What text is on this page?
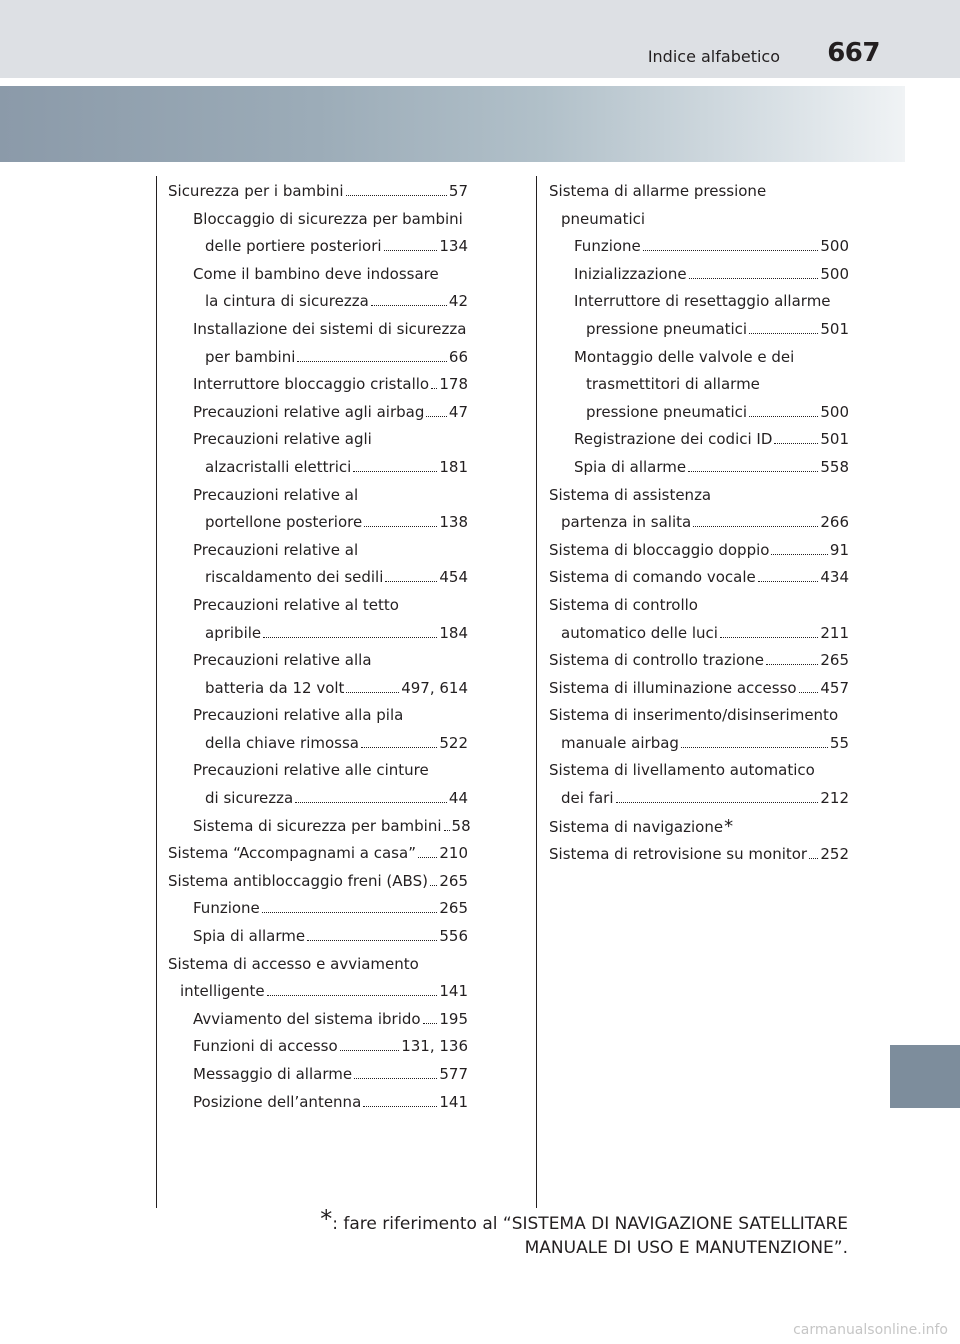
Indice alfabetico 667
Sicurezza per i bambini	57
Bloccaggio di sicurezza per bambini
delle portiere posteriori	134
Come il bambino deve indossare
la cintura di sicurezza	42
Installazione dei sistemi di sicurezza
per bambini	66
Interruttore bloccaggio cristallo 178
Precauzioni relative agli airbag 47
Precauzioni relative agli
alzacristalli elettrici	181
Precauzioni relative al
portellone posteriore	138
Precauzioni relative al
riscaldamento dei sedili	454
Precauzioni relative al tetto
apribile	184
Precauzioni relative alla
batteria da 12 volt	497, 614
Precauzioni relative alla pila
della chiave rimossa	522
Precauzioni relative alle cinture
di sicurezza	44
Sistema di sicurezza per bambini 58
Sistema “Accompagnami a casa” 210
Sistema antibloccaggio freni (ABS) 265
Funzione	265
Spia di allarme	556
Sistema di accesso e avviamento
intelligente	141
Avviamento del sistema ibrido 195
Funzioni di accesso	131, 136
Messaggio di allarme	577
Posizione dell’antenna	141
Sistema di allarme pressione
pneumatici
Funzione	500
Inizializzazione	500
Interruttore di resettaggio allarme
pressione pneumatici	501
Montaggio delle valvole e dei
trasmettitori di allarme
pressione pneumatici	500
Registrazione dei codici ID	501
Spia di allarme	558
Sistema di assistenza
partenza in salita	266
Sistema di bloccaggio doppio	91
Sistema di comando vocale	434
Sistema di controllo
automatico delle luci	211
Sistema di controllo trazione	265
Sistema di illuminazione accesso 457
Sistema di inserimento/disinserimento
manuale airbag	55
Sistema di livellamento automatico
dei fari	212
Sistema di navigazione *
Sistema di retrovisione su monitor 252
*: fare riferimento al “SISTEMA DI NAVIGAZIONE SATELLITARE
MANUALE DI USO E MANUTENZIONE”.
carmanualsonline.info
